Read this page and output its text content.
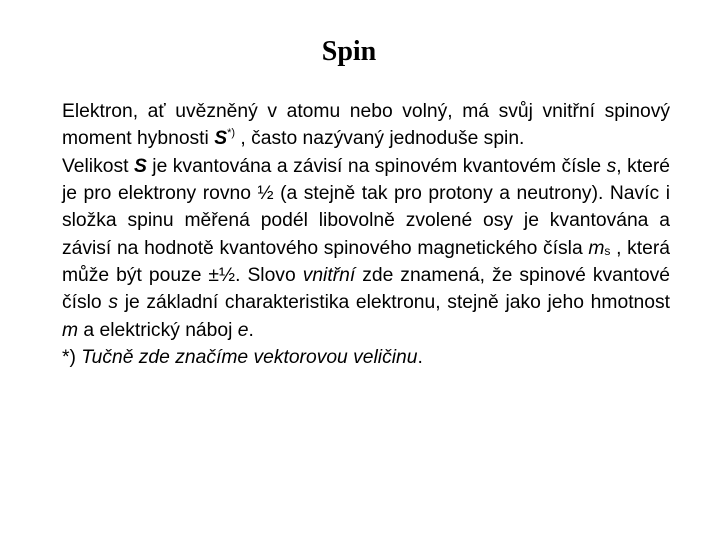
Spin

Elektron, ať uvězněný v atomu nebo volný, má svůj vnitřní spinový moment hybnosti S*) , často nazývaný jednoduše spin.

Velikost S je kvantována a závisí na spinovém kvantovém čísle s, které je pro elektrony rovno ½ (a stejně tak pro protony a neutrony). Navíc i složka spinu měřená podél libovolně zvolené osy je kvantována a závisí na hodnotě kvantového spinového magnetického čísla $m_s$ , která může být pouze ±½. Slovo vnitřní zde znamená, že spinové kvantové číslo s je základní charakteristika elektronu, stejně jako jeho hmotnost m a elektrický náboj e.

*) Tučně zde značíme vektorovou veličinu.
